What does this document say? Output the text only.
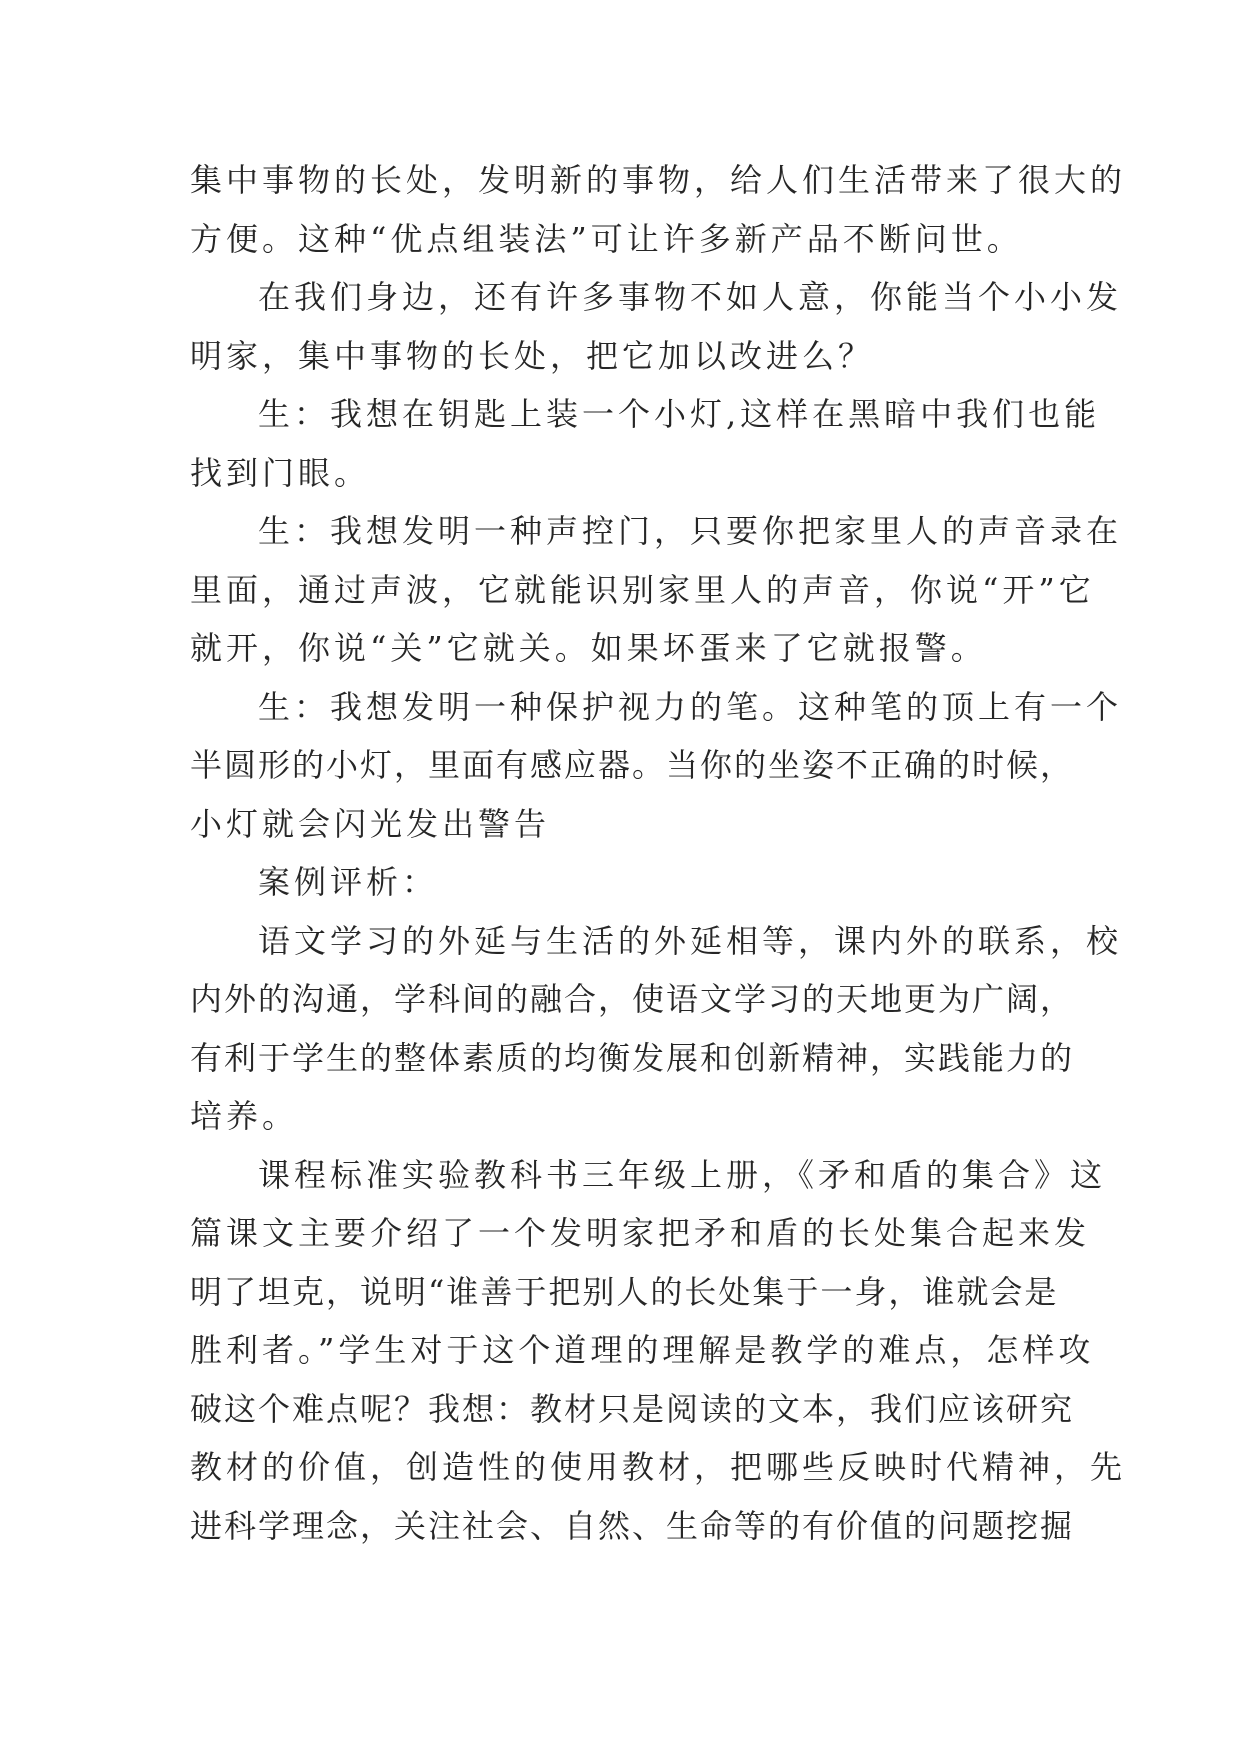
集中事物的长处，发明新的事物，给人们生活带来了很大的
方便。这种“优点组装法”可让许多新产品不断问世。
在我们身边，还有许多事物不如人意，你能当个小小发
明家，集中事物的长处，把它加以改进么？
生：我想在钥匙上装一个小灯,这样在黑暗中我们也能
找到门眼。
生：我想发明一种声控门，只要你把家里人的声音录在
里面，通过声波，它就能识别家里人的声音，你说“开”它
就开，你说“关”它就关。如果坏蛋来了它就报警。
生：我想发明一种保护视力的笔。这种笔的顶上有一个
半圆形的小灯，里面有感应器。当你的坐姿不正确的时候，
小灯就会闪光发出警告
案例评析：
语文学习的外延与生活的外延相等，课内外的联系，校
内外的沟通，学科间的融合，使语文学习的天地更为广阔，
有利于学生的整体素质的均衡发展和创新精神，实践能力的
培养。
课程标准实验教科书三年级上册，《矛和盾的集合》这
篇课文主要介绍了一个发明家把矛和盾的长处集合起来发
明了坦克，说明“谁善于把别人的长处集于一身，谁就会是
胜利者。”学生对于这个道理的理解是教学的难点，怎样攻
破这个难点呢？我想：教材只是阅读的文本，我们应该研究
教材的价值，创造性的使用教材，把哪些反映时代精神，先
进科学理念，关注社会、自然、生命等的有价值的问题挖掘
